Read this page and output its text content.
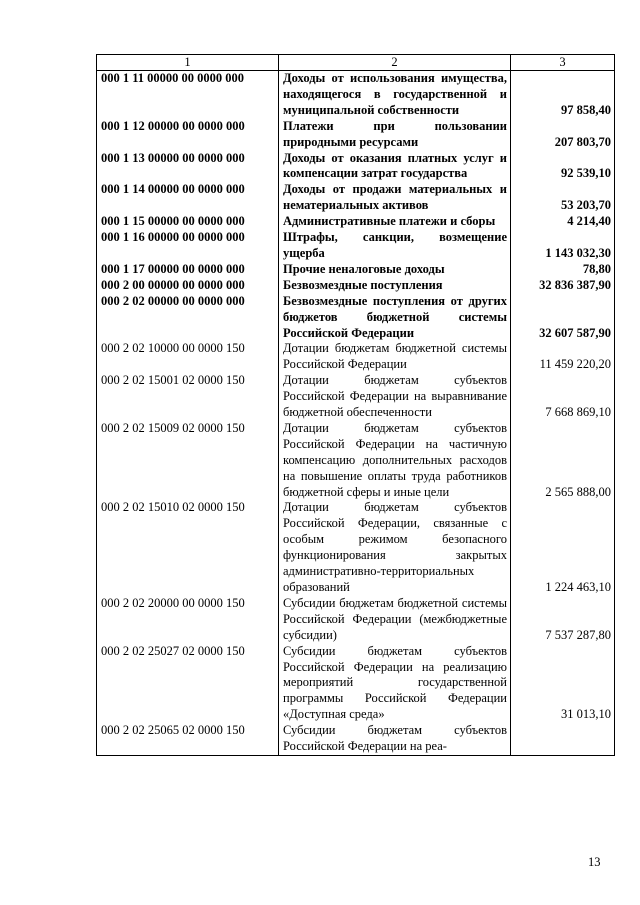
1	2	3
000 1 11 00000 00 0000 000	Доходы от использования имущества, находящегося в государственной и муниципальной собственности	97 858,40
000 1 12 00000 00 0000 000	Платежи при пользовании природными ресурсами	207 803,70
000 1 13 00000 00 0000 000	Доходы от оказания платных услуг и компенсации затрат государства	92 539,10
000 1 14 00000 00 0000 000	Доходы от продажи материальных и нематериальных активов	53 203,70
000 1 15 00000 00 0000 000	Административные платежи и сборы	4 214,40
000 1 16 00000 00 0000 000	Штрафы, санкции, возмещение ущерба	1 143 032,30
000 1 17 00000 00 0000 000	Прочие неналоговые доходы	78,80
000 2 00 00000 00 0000 000	Безвозмездные поступления	32 836 387,90
000 2 02 00000 00 0000 000	Безвозмездные поступления от других бюджетов бюджетной системы Российской Федерации	32 607 587,90
000 2 02 10000 00 0000 150	Дотации бюджетам бюджетной системы Российской Федерации	11 459 220,20
000 2 02 15001 02 0000 150	Дотации бюджетам субъектов Российской Федерации на выравнивание бюджетной обеспеченности	7 668 869,10
000 2 02 15009 02 0000 150	Дотации бюджетам субъектов Российской Федерации на частичную компенсацию дополнительных расходов на повышение оплаты труда работников бюджетной сферы и иные цели	2 565 888,00
000 2 02 15010 02 0000 150	Дотации бюджетам субъектов Российской Федерации, связанные с особым режимом безопасного функционирования закрытых административно-территориальных образований	1 224 463,10
000 2 02 20000 00 0000 150	Субсидии бюджетам бюджетной системы Российской Федерации (межбюджетные субсидии)	7 537 287,80
000 2 02 25027 02 0000 150	Субсидии бюджетам субъектов Российской Федерации на реализацию мероприятий государственной программы Российской Федерации «Доступная среда»	31 013,10
000 2 02 25065 02 0000 150	Субсидии бюджетам субъектов Российской Федерации на реа-	
13
